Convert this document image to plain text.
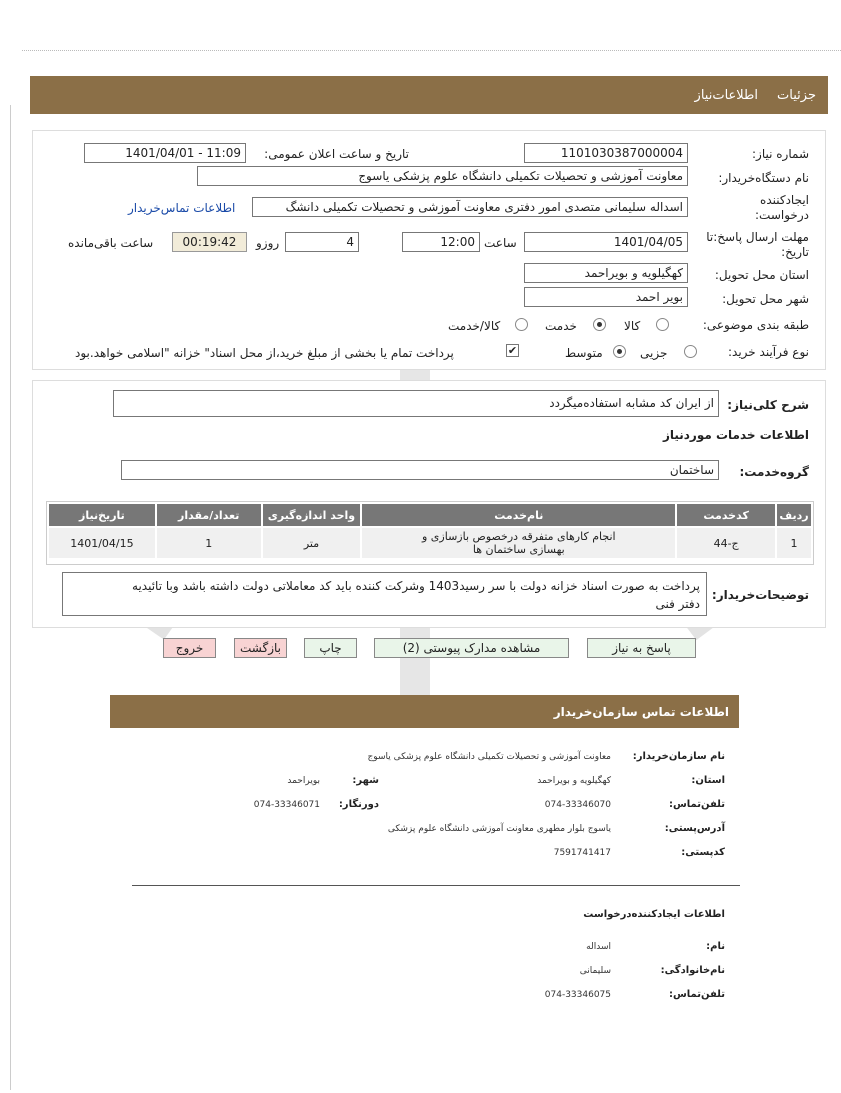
جزئیات
اطلاعات‌نیاز
شماره نیاز:
1101030387000004
تاریخ و ساعت اعلان عمومی:
1401/04/01 - 11:09
نام دستگاه‌خریدار:
معاونت آموزشی و تحصیلات تکمیلی دانشگاه علوم پزشکی یاسوج
ایجادکننده
درخواست:
اسداله سلیمانی متصدی امور دفتری معاونت آموزشی و تحصیلات تکمیلی دانشگ
اطلاعات تماس‌خریدار
مهلت ارسال پاسخ:تا
تاریخ:
1401/04/05
ساعت
12:00
4
روزو
00:19:42
ساعت باقی‌مانده
استان محل تحویل:
کهگیلویه و بویراحمد
شهر محل تحویل:
بویر احمد
طبقه بندی موضوعی:
کالا
خدمت
کالا/خدمت
نوع فرآیند خرید:
جزیی
متوسط
✔
پرداخت تمام یا بخشی از مبلغ خرید،از محل اسناد" خزانه "اسلامی خواهد.بود
شرح کلی‌نیاز:
از ایران کد مشابه استفاده‌میگردد
اطلاعات خدمات موردنیاز
گروه‌خدمت:
ساختمان
ردیف	کدخدمت	نام‌خدمت	واحد اندازه‌گیری	تعداد/مقدار	تاریخ‌نیاز
1	ج-44	انجام کارهای متفرقه درخصوص بازسازی و
بهسازی ساختمان ها	متر	1	1401/04/15
توضیحات‌خریدار:
پرداخت به صورت اسناد خزانه دولت با سر رسید1403 وشرکت کننده باید کد معاملاتی دولت داشته باشد وبا تائیدیه
دفتر فنی
پاسخ به نیاز
مشاهده مدارک پیوستی (2)
چاپ
بازگشت
خروج
اطلاعات تماس سازمان‌خریدار
نام سازمان‌خریدار:
معاونت آموزشی و تحصیلات تکمیلی دانشگاه علوم پزشکی یاسوج
استان:
کهگیلویه و بویراحمد
شهر:
بویراحمد
تلفن‌تماس:
074-33346070
دورنگار:
074-33346071
آدرس‌پستی:
یاسوج بلوار مطهری معاونت آموزشی دانشگاه علوم پزشکی
کدپستی:
7591741417
اطلاعات ایجادکننده‌درخواست
نام:
اسداله
نام‌خانوادگی:
سلیمانی
تلفن‌تماس:
074-33346075
